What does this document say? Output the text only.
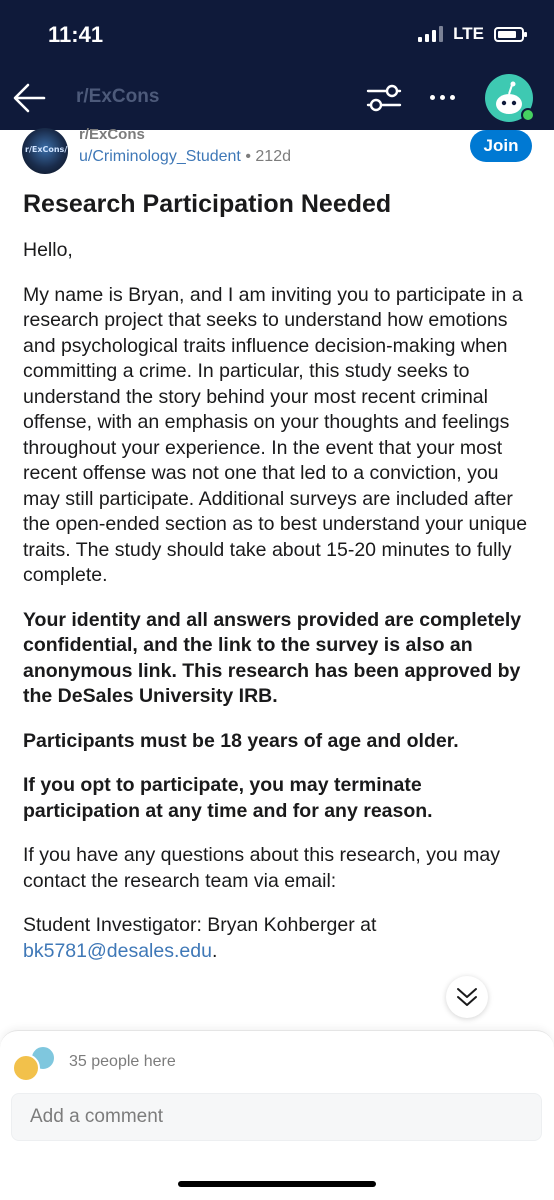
11:41	LTE
r/ExCons
r/ExCons/
r/ExCons
u/Criminology_Student • 212d
Join
Research Participation Needed

Hello,

My name is Bryan, and I am inviting you to participate in a research project that seeks to understand how emotions and psychological traits influence decision-making when committing a crime. In particular, this study seeks to understand the story behind your most recent criminal offense, with an emphasis on your thoughts and feelings throughout your experience. In the event that your most recent offense was not one that led to a conviction, you may still participate. Additional surveys are included after the open-ended section as to best understand your unique traits. The study should take about 15-20 minutes to fully complete.

Your identity and all answers provided are completely confidential, and the link to the survey is also an anonymous link. This research has been approved by the DeSales University IRB.

Participants must be 18 years of age and older.

If you opt to participate, you may terminate participation at any time and for any reason.

If you have any questions about this research, you may contact the research team via email:

Student Investigator: Bryan Kohberger at
bk5781@desales.edu.

35 people here
Add a comment
